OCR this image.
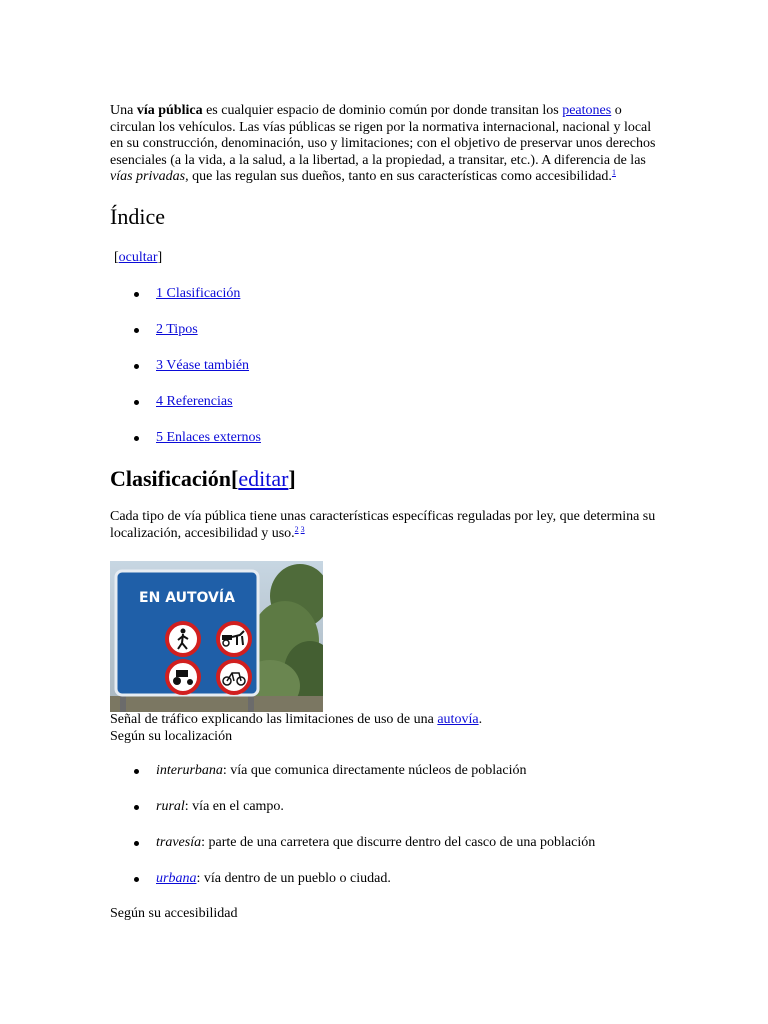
Una vía pública es cualquier espacio de dominio común por donde transitan los peatones o circulan los vehículos. Las vías públicas se rigen por la normativa internacional, nacional y local en su construcción, denominación, uso y limitaciones; con el objetivo de preservar unos derechos esenciales (a la vida, a la salud, a la libertad, a la propiedad, a transitar, etc.). A diferencia de las vías privadas, que las regulan sus dueños, tanto en sus características como accesibilidad.$^1$

Índice
[ocultar]
1 Clasificación
2 Tipos
3 Véase también
4 Referencias
5 Enlaces externos
Clasificación[editar]

Cada tipo de vía pública tiene unas características específicas reguladas por ley, que determina su localización, accesibilidad y uso.$^{2 3}$

EN AUTOVÍA

Señal de tráfico explicando las limitaciones de uso de una autovía.

Según su localización

interurbana: vía que comunica directamente núcleos de población
rural: vía en el campo.
travesía: parte de una carretera que discurre dentro del casco de una población
urbana: vía dentro de un pueblo o ciudad.

Según su accesibilidad
